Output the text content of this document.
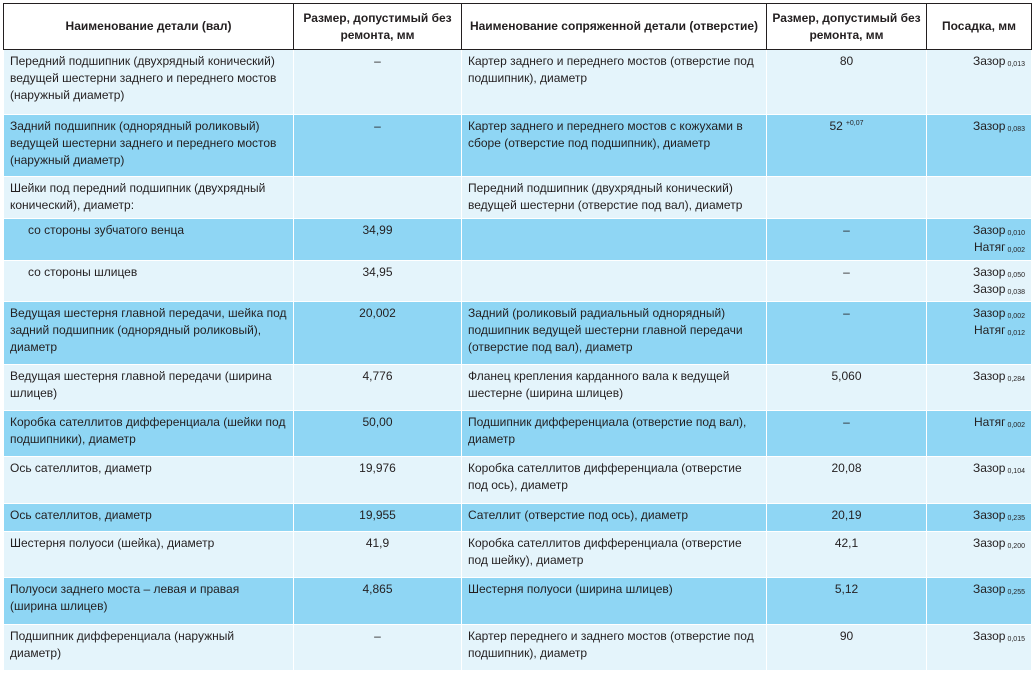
Наименование детали (вал)	Размер, допустимый без ремонта, мм	Наименование сопряженной детали (отверстие)	Размер, допустимый без ремонта, мм	Посадка, мм
Передний подшипник (двухрядный конический) ведущей шестерни заднего и переднего мостов (наружный диаметр)	–	Картер заднего и переднего мостов (отверстие под подшипник), диаметр	80	Зазор $_{0,013}$

Задний подшипник (однорядный роликовый) ведущей шестерни заднего и переднего мостов (наружный диаметр)	–	Картер заднего и переднего мостов с кожухами в сборе (отверстие под подшипник), диаметр	52 $^{+0,07}$	Зазор $_{0,083}$

Шейки под передний подшипник (двухрядный конический), диаметр:		Передний подшипник (двухрядный конический) ведущей шестерни (отверстие под вал), диаметр		
со стороны зубчатого венца	34,99		–	Зазор $_{0,010}$
Натяг $_{0,002}$

со стороны шлицев	34,95		–	Зазор $_{0,050}$
Зазор $_{0,038}$

Ведущая шестерня главной передачи, шейка под задний подшипник (однорядный роликовый), диаметр	20,002	Задний (роликовый радиальный однорядный) подшипник ведущей шестерни главной передачи (отверстие под вал), диаметр	–	Зазор $_{0,002}$
Натяг $_{0,012}$

Ведущая шестерня главной передачи (ширина шлицев)	4,776	Фланец крепления карданного вала к ведущей шестерне (ширина шлицев)	5,060	Зазор $_{0,284}$

Коробка сателлитов дифференциала (шейки под подшипники), диаметр	50,00	Подшипник дифференциала (отверстие под вал), диаметр	–	Натяг $_{0,002}$

Ось сателлитов, диаметр	19,976	Коробка сателлитов дифференциала (отверстие под ось), диаметр	20,08	Зазор $_{0,104}$

Ось сателлитов, диаметр	19,955	Сателлит (отверстие под ось), диаметр	20,19	Зазор $_{0,235}$

Шестерня полуоси (шейка), диаметр	41,9	Коробка сателлитов дифференциала (отверстие под шейку), диаметр	42,1	Зазор $_{0,200}$

Полуоси заднего моста – левая и правая (ширина шлицев)	4,865	Шестерня полуоси (ширина шлицев)	5,12	Зазор $_{0,255}$

Подшипник дифференциала (наружный диаметр)	–	Картер переднего и заднего мостов (отверстие под подшипник), диаметр	90	Зазор $_{0,015}$
